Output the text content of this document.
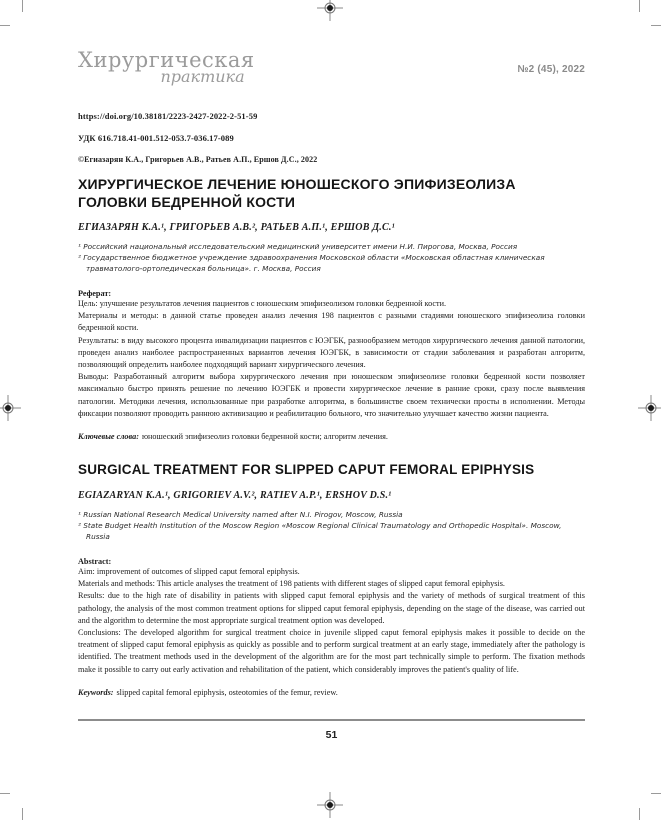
Хирургическая
практика	№2 (45), 2022
https://doi.org/10.38181/2223-2427-2022-2-51-59
УДК 616.718.41-001.512-053.7-036.17-089
©Егиазарян К.А., Григорьев А.В., Ратьев А.П., Ершов Д.С., 2022
ХИРУРГИЧЕСКОЕ ЛЕЧЕНИЕ ЮНОШЕСКОГО ЭПИФИЗЕОЛИЗА ГОЛОВКИ БЕДРЕННОЙ КОСТИ
ЕГИАЗАРЯН К.А.¹, ГРИГОРЬЕВ А.В.², РАТЬЕВ А.П.¹, ЕРШОВ Д.С.¹

¹ Российский национальный исследовательский медицинский университет имени Н.И. Пирогова, Москва, Россия

² Государственное бюджетное учреждение здравоохранения Московской области «Московская областная клиническая травматолого-ортопедическая больница». г. Москва, Россия

Реферат:

Цель: улучшение результатов лечения пациентов с юношеским эпифизеолизом головки бедренной кости.

Материалы и методы: в данной статье проведен анализ лечения 198 пациентов с разными стадиями юношеского эпифизеолиза головки бедренной кости.

Результаты: в виду высокого процента инвалидизации пациентов с ЮЭГБК, разнообразием методов хирургического лечения данной патологии, проведен анализ наиболее распространенных вариантов лечения ЮЭГБК, в зависимости от стадии заболевания и разработан алгоритм, позволяющий определить наиболее подходящий вариант хирургического лечения.

Выводы: Разработанный алгоритм выбора хирургического лечения при юношеском эпифизеолизе головки бедренной кости позволяет максимально быстро принять решение по лечению ЮЭГБК и провести хирургическое лечение в ранние сроки, сразу после выявления патологии. Методики лечения, использованные при разработке алгоритма, в большинстве своем технически просты в исполнении. Методы фиксации позволяют проводить раннюю активизацию и реабилитацию больного, что значительно улучшает качество жизни пациента.

Ключевые слова: юношеский эпифизеолиз головки бедренной кости; алгоритм лечения.

SURGICAL TREATMENT FOR SLIPPED CAPUT FEMORAL EPIPHYSIS
EGIAZARYAN K.A.¹, GRIGORIEV A.V.², RATIEV A.P.¹, ERSHOV D.S.¹

¹ Russian National Research Medical University named after N.I. Pirogov, Moscow, Russia

² State Budget Health Institution of the Moscow Region «Moscow Regional Clinical Traumatology and Orthopedic Hospital». Moscow, Russia

Abstract:

Aim: improvement of outcomes of slipped caput femoral epiphysis.

Materials and methods: This article analyses the treatment of 198 patients with different stages of slipped caput femoral epiphysis.

Results: due to the high rate of disability in patients with slipped caput femoral epiphysis and the variety of methods of surgical treatment of this pathology, the analysis of the most common treatment options for slipped caput femoral epiphysis, depending on the stage of the disease, was carried out and the algorithm to determine the most appropriate surgical treatment option was developed.

Conclusions: The developed algorithm for surgical treatment choice in juvenile slipped caput femoral epiphysis makes it possible to decide on the treatment of slipped caput femoral epiphysis as quickly as possible and to perform surgical treatment at an early stage, immediately after the pathology is identified. The treatment methods used in the development of the algorithm are for the most part technically simple to perform. The fixation methods make it possible to carry out early activation and rehabilitation of the patient, which considerably improves the patient's quality of life.

Keywords: slipped capital femoral epiphysis, osteotomies of the femur, review.

51
